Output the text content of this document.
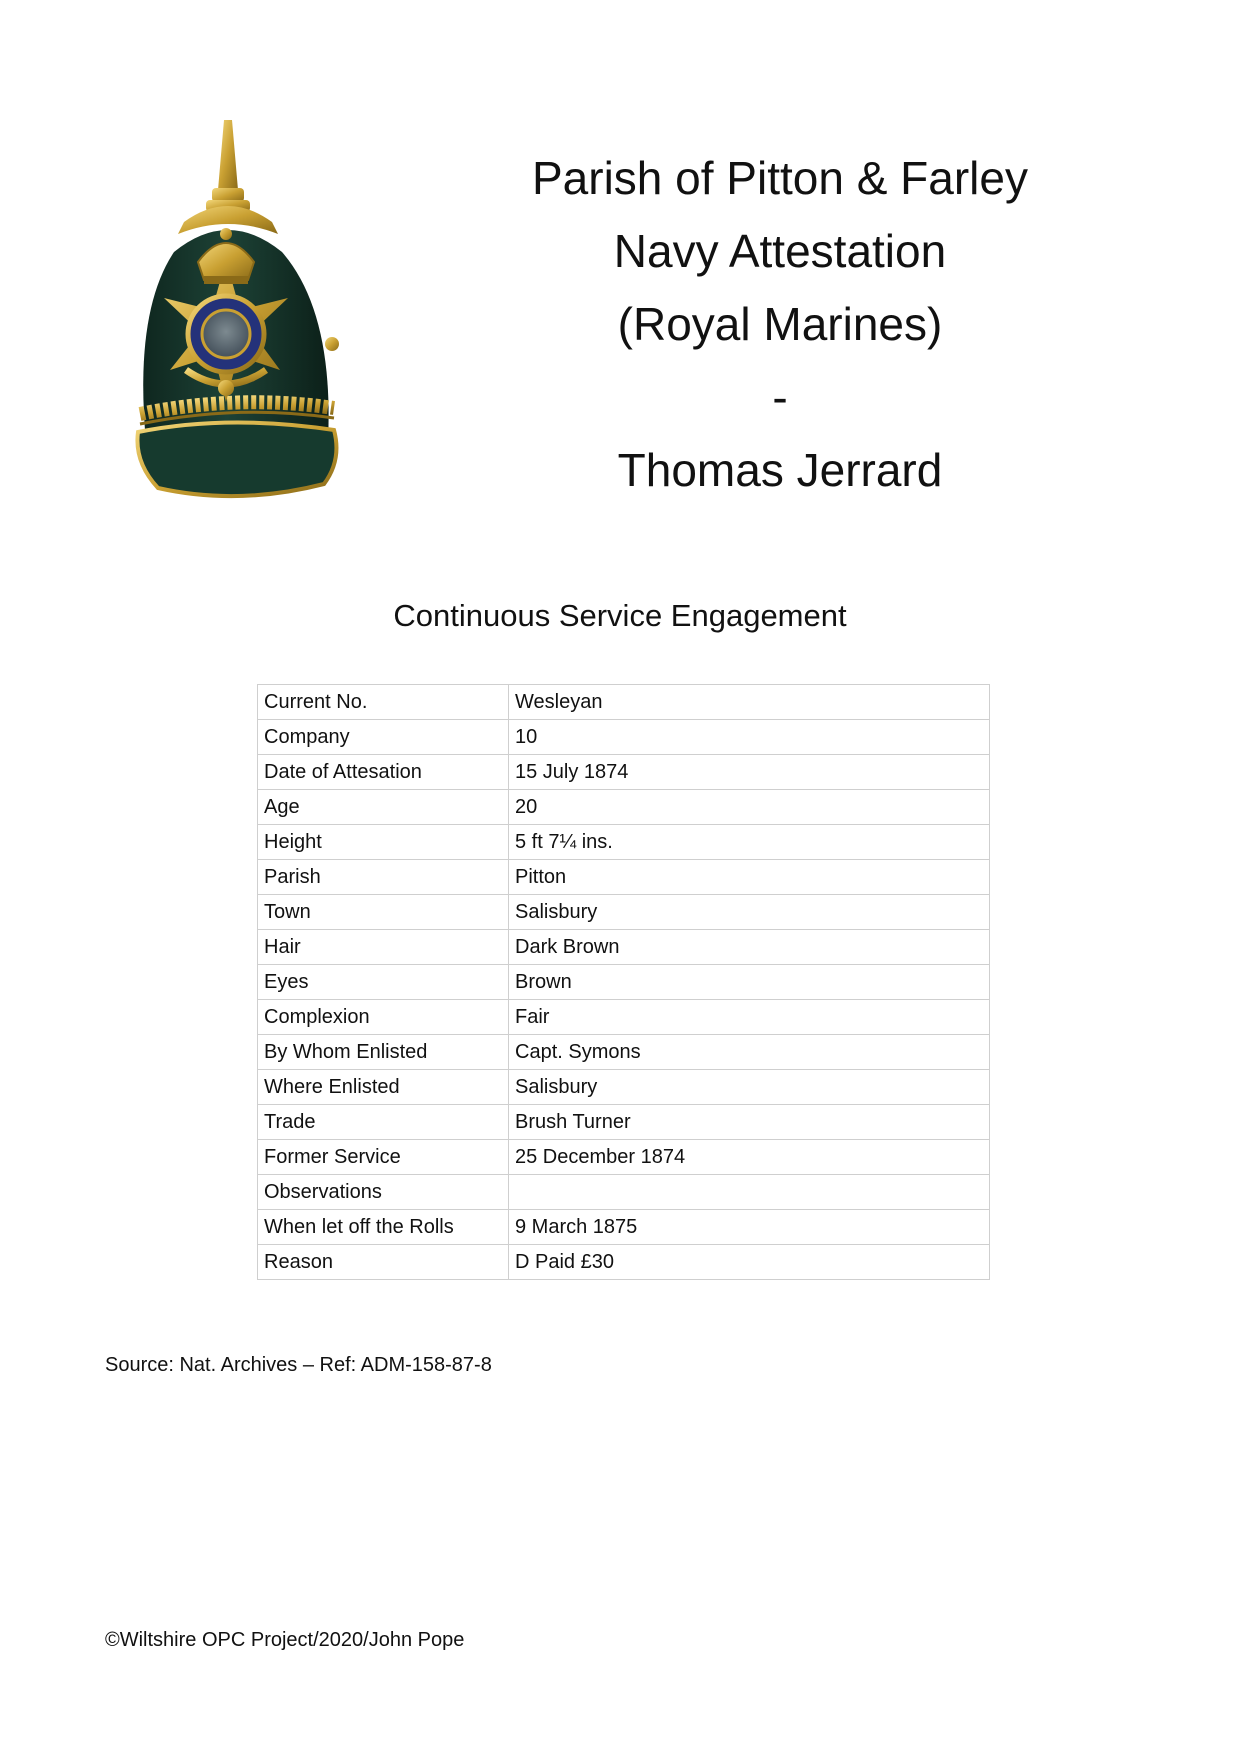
Parish of Pitton & Farley
Navy Attestation
(Royal Marines)
-
Thomas Jerrard
Continuous Service Engagement
Current No.	Wesleyan
Company	10
Date of Attesation	15 July 1874
Age	20
Height	5 ft 7¼ ins.
Parish	Pitton
Town	Salisbury
Hair	Dark Brown
Eyes	Brown
Complexion	Fair
By Whom Enlisted	Capt. Symons
Where Enlisted	Salisbury
Trade	Brush Turner
Former Service	25 December 1874
Observations	
When let off the Rolls	9 March 1875
Reason	D Paid £30
Source: Nat. Archives – Ref: ADM-158-87-8
©Wiltshire OPC Project/2020/John Pope
